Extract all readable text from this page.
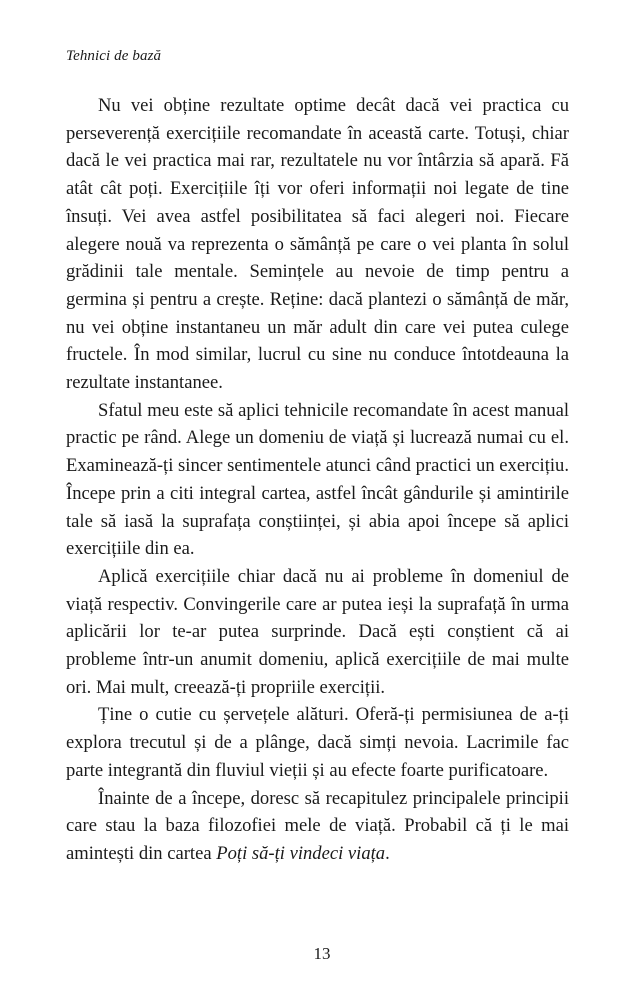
Tehnici de bază

Nu vei obține rezultate optime decât dacă vei practica cu perseverență exercițiile recomandate în această carte. Totuși, chiar dacă le vei practica mai rar, rezultatele nu vor întârzia să apară. Fă atât cât poți. Exercițiile îți vor oferi informații noi legate de tine însuți. Vei avea astfel posibilitatea să faci alegeri noi. Fiecare alegere nouă va reprezenta o sămânță pe care o vei planta în solul grădinii tale mentale. Semințele au nevoie de timp pentru a germina și pentru a crește. Reține: dacă plantezi o sămânță de măr, nu vei obține instantaneu un măr adult din care vei putea culege fructele. În mod similar, lucrul cu sine nu conduce întotdeauna la rezultate instantanee.

Sfatul meu este să aplici tehnicile recomandate în acest manual practic pe rând. Alege un domeniu de viață și lucrează numai cu el. Examinează-ți sincer sentimentele atunci când practici un exercițiu. Începe prin a citi integral cartea, astfel încât gândurile și amintirile tale să iasă la suprafața conștiinței, și abia apoi începe să aplici exercițiile din ea.

Aplică exercițiile chiar dacă nu ai probleme în domeniul de viață respectiv. Convingerile care ar putea ieși la suprafață în urma aplicării lor te-ar putea surprinde. Dacă ești conștient că ai probleme într-un anumit domeniu, aplică exercițiile de mai multe ori. Mai mult, creează-ți propriile exerciții.

Ține o cutie cu șervețele alături. Oferă-ți permisiunea de a-ți explora trecutul și de a plânge, dacă simți nevoia. Lacrimile fac parte integrantă din fluviul vieții și au efecte foarte purificatoare.

Înainte de a începe, doresc să recapitulez principalele principii care stau la baza filozofiei mele de viață. Probabil că ți le mai amintești din cartea Poți să-ți vindeci viața.

13
